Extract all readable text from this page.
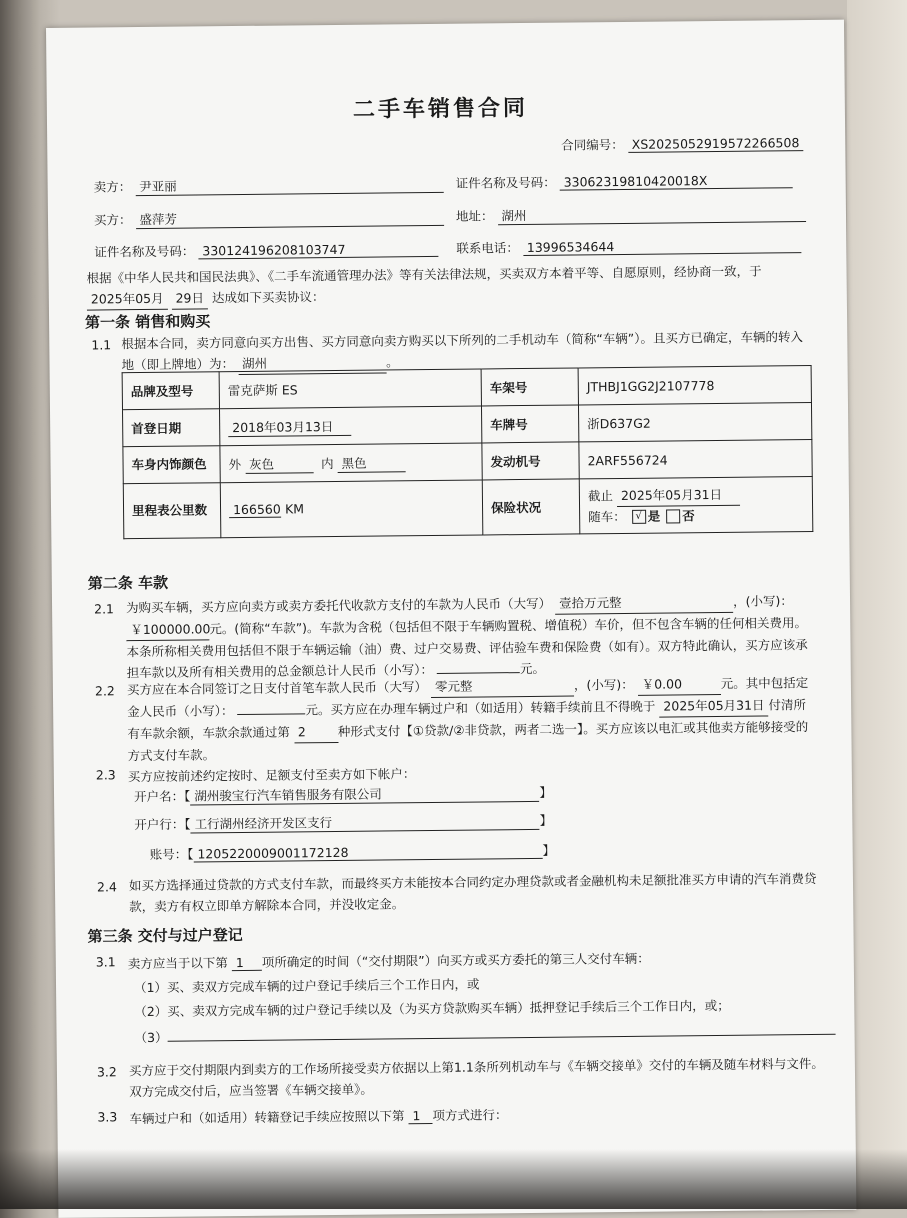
二手车销售合同
合同编号： XS2025052919572266508
卖方： 尹亚丽	证件名称及号码： 33062319810420018X
买方： 盛萍芳	地址： 湖州
证件名称及号码： 330124196208103747	联系电话： 13996534644
根据《中华人民共和国民法典》、《二手车流通管理办法》等有关法律法规，买卖双方本着平等、自愿原则，经协商一致，于 2025年05月 29日 达成如下买卖协议：
第一条 销售和购买
1.1 根据本合同，卖方同意向买方出售、买方同意向卖方购买以下所列的二手机动车（简称“车辆”）。且买方已确定，车辆的转入地（即上牌地）为： 湖州	。
品牌及型号	雷克萨斯 ES	车架号	JTHBJ1GG2J2107778
首登日期	2018年03月13日	车牌号	浙D637G2
车身内饰颜色	外 灰色 内 黑色	发动机号	2ARF556724
里程表公里数	166560 KM	保险状况	截止 2025年05月31日
随车： √ 是 否
第二条 车款
2.1 为购买车辆，买方应向卖方或卖方委托代收款方支付的车款为人民币（大写） 壹拾万元整	，(小写)： ￥100000.00元。(简称“车款”)。车款为含税（包括但不限于车辆购置税、增值税）车价，但不包含车辆的任何相关费用。本条所称相关费用包括但不限于车辆运输（油）费、过户交易费、评估验车费和保险费（如有）。双方特此确认，买方应该承担车款以及所有相关费用的总金额总计人民币（小写）：	元。
2.2 买方应在本合同签订之日支付首笔车款人民币（大写） 零元整	，(小写)： ￥0.00	元。其中包括定金人民币（小写）：	元。买方应在办理车辆过户和（如适用）转籍手续前且不得晚于 2025年05月31日 付清所有车款余额，车款余款通过第 2	种形式支付【①贷款/②非贷款，两者二选一】。买方应该以电汇或其他卖方能够接受的方式支付车款。
2.3 买方应按前述约定按时、足额支付至卖方如下帐户：
开户名：【 湖州骏宝行汽车销售服务有限公司	】
开户行：【 工行湖州经济开发区支行	】
账号：【 1205220009001172128	】
2.4 如买方选择通过贷款的方式支付车款，而最终买方未能按本合同约定办理贷款或者金融机构未足额批准买方申请的汽车消费贷款，卖方有权立即单方解除本合同，并没收定金。
第三条 交付与过户登记
3.1 卖方应当于以下第 1 项所确定的时间（“交付期限”）向买方或买方委托的第三人交付车辆：
（1）买、卖双方完成车辆的过户登记手续后三个工作日内，或
（2）买、卖双方完成车辆的过户登记手续以及（为买方贷款购买车辆）抵押登记手续后三个工作日内，或；
（3）
3.2 买方应于交付期限内到卖方的工作场所接受卖方依据以上第1.1条所列机动车与《车辆交接单》交付的车辆及随车材料与文件。双方完成交付后，应当签署《车辆交接单》。
3.3 车辆过户和（如适用）转籍登记手续应按照以下第 1 项方式进行：
